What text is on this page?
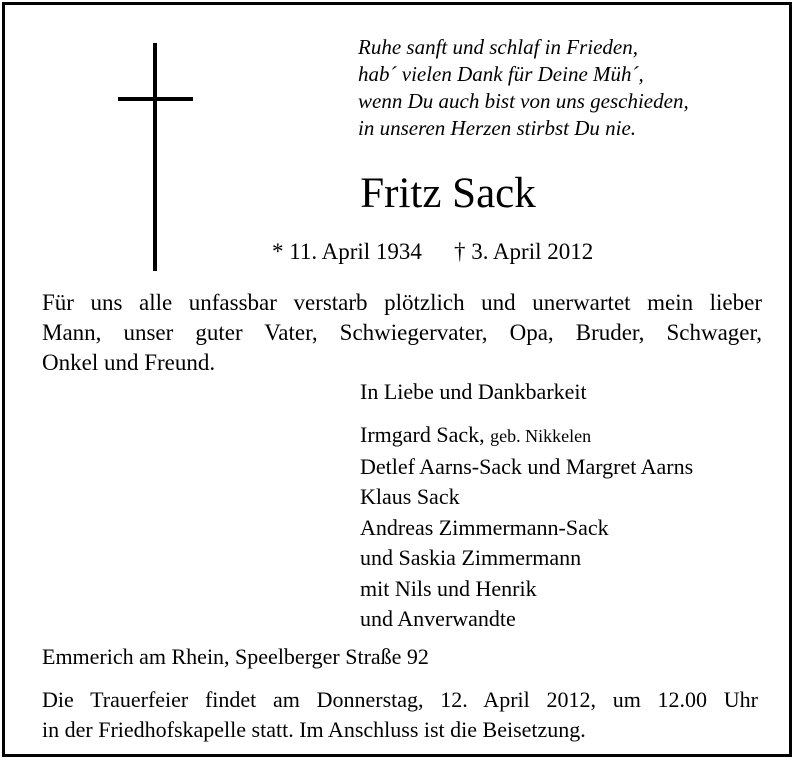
Ruhe sanft und schlaf in Frieden,
hab´ vielen Dank für Deine Müh´,
wenn Du auch bist von uns geschieden,
in unseren Herzen stirbst Du nie.
Fritz Sack
* 11. April 1934 † 3. April 2012
Für uns alle unfassbar verstarb plötzlich und unerwartet mein lieber
Mann, unser guter Vater, Schwiegervater, Opa, Bruder, Schwager,
Onkel und Freund.
In Liebe und Dankbarkeit
Irmgard Sack, geb. Nikkelen
Detlef Aarns-Sack und Margret Aarns
Klaus Sack
Andreas Zimmermann-Sack
und Saskia Zimmermann
mit Nils und Henrik
und Anverwandte
Emmerich am Rhein, Speelberger Straße 92
Die Trauerfeier findet am Donnerstag, 12. April 2012, um 12.00 Uhr
in der Friedhofskapelle statt. Im Anschluss ist die Beisetzung.
